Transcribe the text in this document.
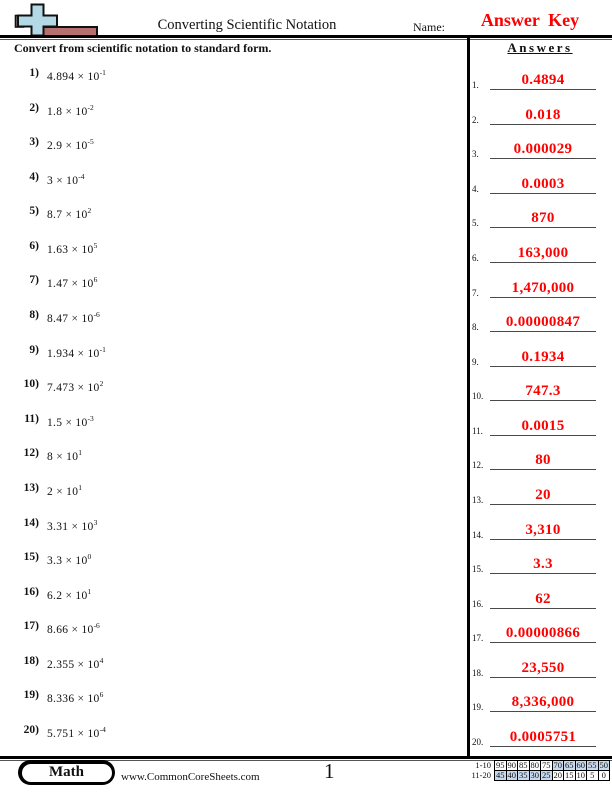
Converting Scientific Notation	Name:	Answer Key
Convert from scientific notation to standard form.	Answers
1) $4.894 \times 10^{-1}$
2) $1.8 \times 10^{-2}$
3) $2.9 \times 10^{-5}$
4) $3 \times 10^{-4}$
5) $8.7 \times 10^2$
6) $1.63 \times 10^5$
7) $1.47 \times 10^6$
8) $8.47 \times 10^{-6}$
9) $1.934 \times 10^{-1}$
10) $7.473 \times 10^2$
11) $1.5 \times 10^{-3}$
12) $8 \times 10^1$
13) $2 \times 10^1$
14) $3.31 \times 10^3$
15) $3.3 \times 10^0$
16) $6.2 \times 10^1$
17) $8.66 \times 10^{-6}$
18) $2.355 \times 10^4$
19) $8.336 \times 10^6$
20) $5.751 \times 10^{-4}$
1.	0.4894
2.	0.018
3.	0.000029
4.	0.0003
5.	870
6.	163,000
7.	1,470,000
8.	0.00000847
9.	0.1934
10.	747.3
11.	0.0015
12.	80
13.	20
14.	3,310
15.	3.3
16.	62
17.	0.00000866
18.	23,550
19.	8,336,000
20.	0.0005751
Math	www.CommonCoreSheets.com	1	1-10	95	90	85	80	75	70	65	60	55	50
11-20	45	40	35	30	25	20	15	10	5	0
